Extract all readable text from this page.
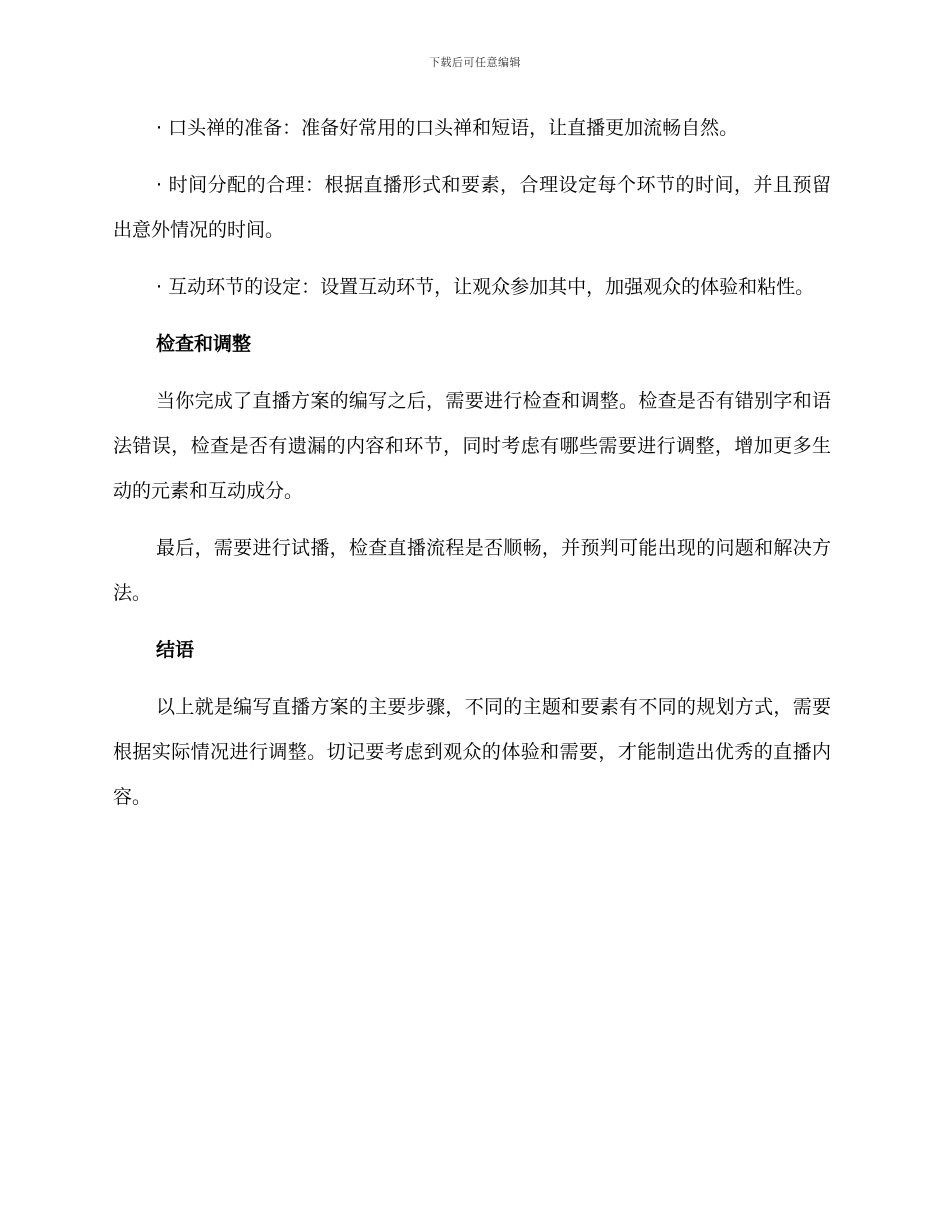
下载后可任意编辑

· 口头禅的准备：准备好常用的口头禅和短语，让直播更加流畅自然。

· 时间分配的合理：根据直播形式和要素，合理设定每个环节的时间，并且预留出意外情况的时间。

· 互动环节的设定：设置互动环节，让观众参加其中，加强观众的体验和粘性。

检查和调整

当你完成了直播方案的编写之后，需要进行检查和调整。检查是否有错别字和语法错误，检查是否有遗漏的内容和环节，同时考虑有哪些需要进行调整，增加更多生动的元素和互动成分。

最后，需要进行试播，检查直播流程是否顺畅，并预判可能出现的问题和解决方法。

结语

以上就是编写直播方案的主要步骤，不同的主题和要素有不同的规划方式，需要根据实际情况进行调整。切记要考虑到观众的体验和需要，才能制造出优秀的直播内容。
